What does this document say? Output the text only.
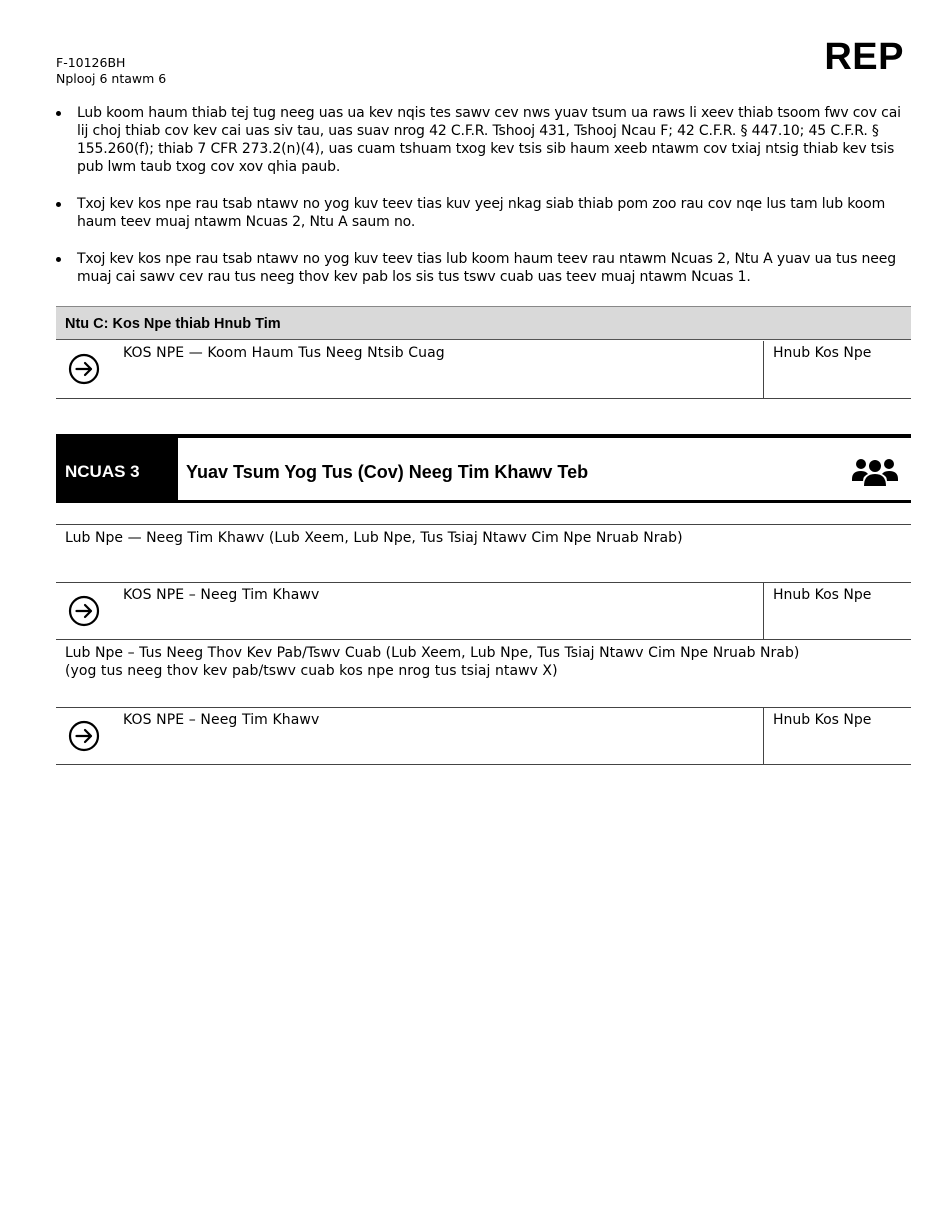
F-10126BH
Nplooj 6 ntawm 6
REP
Lub koom haum thiab tej tug neeg uas ua kev nqis tes sawv cev nws yuav tsum ua raws li xeev thiab tsoom fwv cov cai lij choj thiab cov kev cai uas siv tau, uas suav nrog 42 C.F.R. Tshooj 431, Tshooj Ncau F; 42 C.F.R. § 447.10; 45 C.F.R. § 155.260(f); thiab 7 CFR 273.2(n)(4), uas cuam tshuam txog kev tsis sib haum xeeb ntawm cov txiaj ntsig thiab kev tsis pub lwm taub txog cov xov qhia paub.
Txoj kev kos npe rau tsab ntawv no yog kuv teev tias kuv yeej nkag siab thiab pom zoo rau cov nqe lus tam lub koom haum teev muaj ntawm Ncuas 2, Ntu A saum no.
Txoj kev kos npe rau tsab ntawv no yog kuv teev tias lub koom haum teev rau ntawm Ncuas 2, Ntu A yuav ua tus neeg muaj cai sawv cev rau tus neeg thov kev pab los sis tus tswv cuab uas teev muaj ntawm Ncuas 1.
Ntu C: Kos Npe thiab Hnub Tim
KOS NPE — Koom Haum Tus Neeg Ntsib Cuag	Hnub Kos Npe
NCUAS 3	Yuav Tsum Yog Tus (Cov) Neeg Tim Khawv Teb
Lub Npe — Neeg Tim Khawv (Lub Xeem, Lub Npe, Tus Tsiaj Ntawv Cim Npe Nruab Nrab)
KOS NPE – Neeg Tim Khawv	Hnub Kos Npe
Lub Npe – Tus Neeg Thov Kev Pab/Tswv Cuab (Lub Xeem, Lub Npe, Tus Tsiaj Ntawv Cim Npe Nruab Nrab)
(yog tus neeg thov kev pab/tswv cuab kos npe nrog tus tsiaj ntawv X)
KOS NPE – Neeg Tim Khawv	Hnub Kos Npe
